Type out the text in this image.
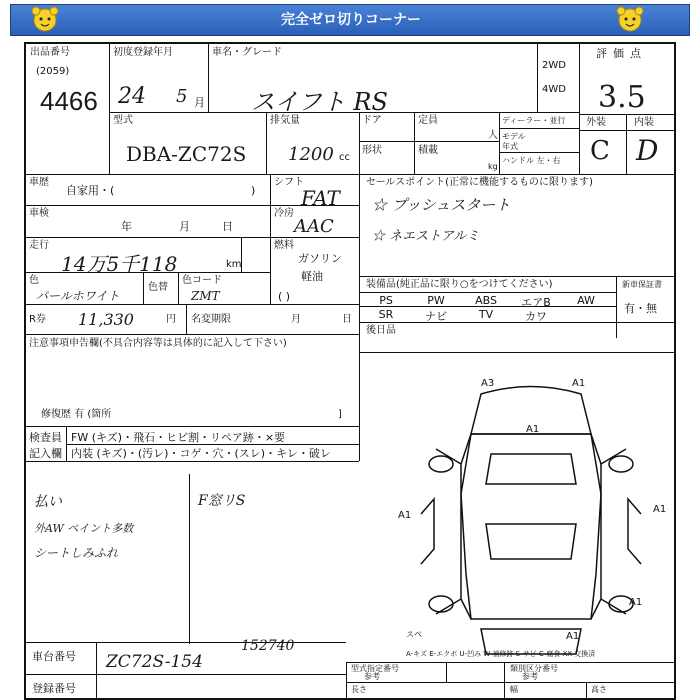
完全ゼロ切りコーナー
出品番号
(2059)
4466
初度登録年月
24 5 月
車名・グレード
スイフト RS
2WD
4WD
評価点
3.5
型式
DBA-ZC72S
排気量
1200 cc
ドア	定員
人
形状	積載
kg
ディーラー・並行
モデル年式
ハンドル 左・右
外装	内装
C D
車歴
自家用・(	)
シフト
FAT
セールスポイント(正常に機能するものに限ります)
☆ プッシュスタート
☆ ネエストアルミ
車検
年	月	日
冷房
AAC
走行
14万5千118	km
燃料
ガソリン
軽油
( )
色
パールホワイト
色替
色コード
ZMT
装備品(純正品に限り○をつけてください)	新車保証書
有・無
PS	PW	ABS	エアB	AW
SR	ナビ	TV	カワ
後日品
R券 11,330	円 名変期限	月	日
注意事項申告欄(不具合内容等は具体的に記入して下さい)
修復歴 有 (箇所	]
検査員
記入欄
FW (キズ)・飛石・ヒビ割・リペア跡・×要
内装 (キズ)・(汚レ)・コゲ・穴・(スレ)・キレ・破レ
払い
外AW ペイント多数
シートしみふれ
F窓リS
A3	A1
A1
A1
A1
A1
A1
スペ
A-キズ E-エクボ U-凹み W-補修跡 S-サビ C-腐食 XX-交換済
車台番号 ZC72S-154
152740
登録番号
型式指定番号
参考
類別区分番号
参考
長さ	幅	高さ
